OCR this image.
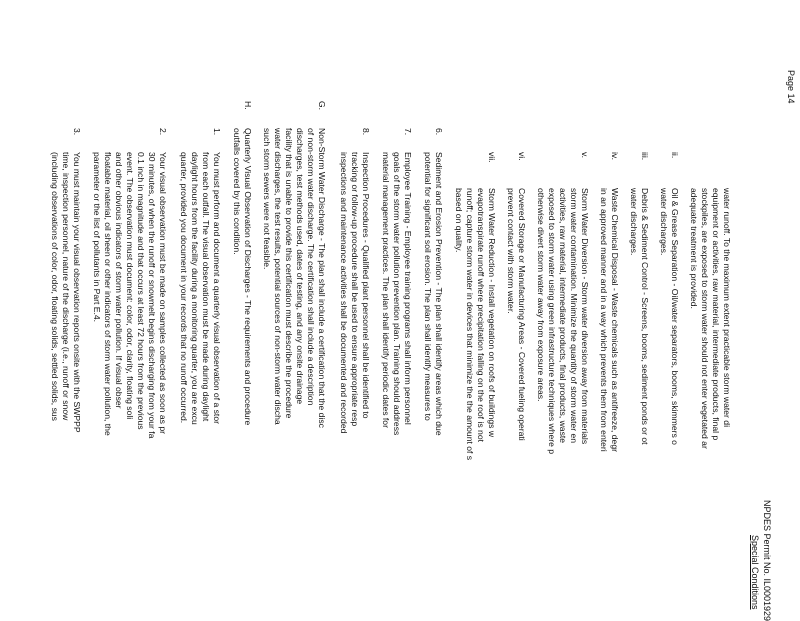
Page 14
NPDES Permit No. IL0001929
Special Conditions
water runoff. To the maximum extent practicable storm water di
equipment or activities, raw material, intermediate products, final p
stockpiles, are exposed to storm water should not enter vegetated ar
adequate treatment is provided.
ii.
Oil & Grease Separation - Oil/water separators, booms, skimmers o
water discharges.
iii.
Debris & Sediment Control - Screens, booms, sediment ponds or ot
water discharges.
iv.
Waste Chemical Disposal - Waste chemicals such as antifreeze, degr
in an approved manner and in a way which prevents them from enteri
v.
Storm Water Diversion - Storm water diversion away from materials
storm water contamination. Minimize the quantity of storm water en
activities, raw material, intermediate products, final products, waste
exposed to storm water using green infrastructure techniques where p
otherwise divert storm water away from exposure areas.
vi.
Covered Storage or Manufacturing Areas - Covered fueling operati
prevent contact with storm water.
vii.
Storm Water Reduction - Install vegetation on roofs of buildings w
evapotranspirate runoff where precipitation falling on the roof is not
runoff; capture storm water in devices that minimize the the amount of s
based on quality.
6.
Sediment and Erosion Prevention - The plan shall identify areas which due
potential for significant soil erosion. The plan shall identify measures to
7.
Employee Training - Employee training programs shall inform personnel
goals of the storm water pollution prevention plan. Training should address
material management practices. The plan shall identify periodic dates for
8.
Inspection Procedures - Qualified plant personnel shall be identified to
tracking or follow-up procedure shall be used to ensure appropriate resp
inspections and maintenance activities shall be documented and recorded
G.
Non-Storm Water Discharge - The plan shall include a certification that the disc
of non-storm water discharge. The certification shall include a description
discharges, test methods used, dates of testing, and any onsite drainage
facility that is unable to provide this certification must describe the procedure
water discharges, the test results, potential sources of non-storm water discha
such storm sewers were not feasible.
H.
Quarterly Visual Observation of Discharges - The requirements and procedure
outfalls covered by this condition.
1.
You must perform and document a quarterly visual observation of a stor
from each outfall. The visual observation must be made during daylight
daylight hours from the facility during a monitoring quarter, you are excu
quarter, provided you document in your records that no runoff occurred.
2.
Your visual observation must be made on samples collected as soon as pr
30 minutes, of when the runoff or snowmelt begins discharging from your fa
0.1 inch in magnitude and that occurs at least 72 hours from the previous
event. The observation must document: color, odor, clarity, floating soli
and other obvious indicators of storm water pollution. If visual obser
floatable material, oil sheen or other indicators of storm water pollution, the
parameter or the list of pollutants in Part E.4.
3.
You must maintain your visual observation reports onsite with the SWPPP
time, inspection personnel, nature of the discharge (i.e., runoff or snow
(including observations of color, odor, floating solids, settled solids, sus
